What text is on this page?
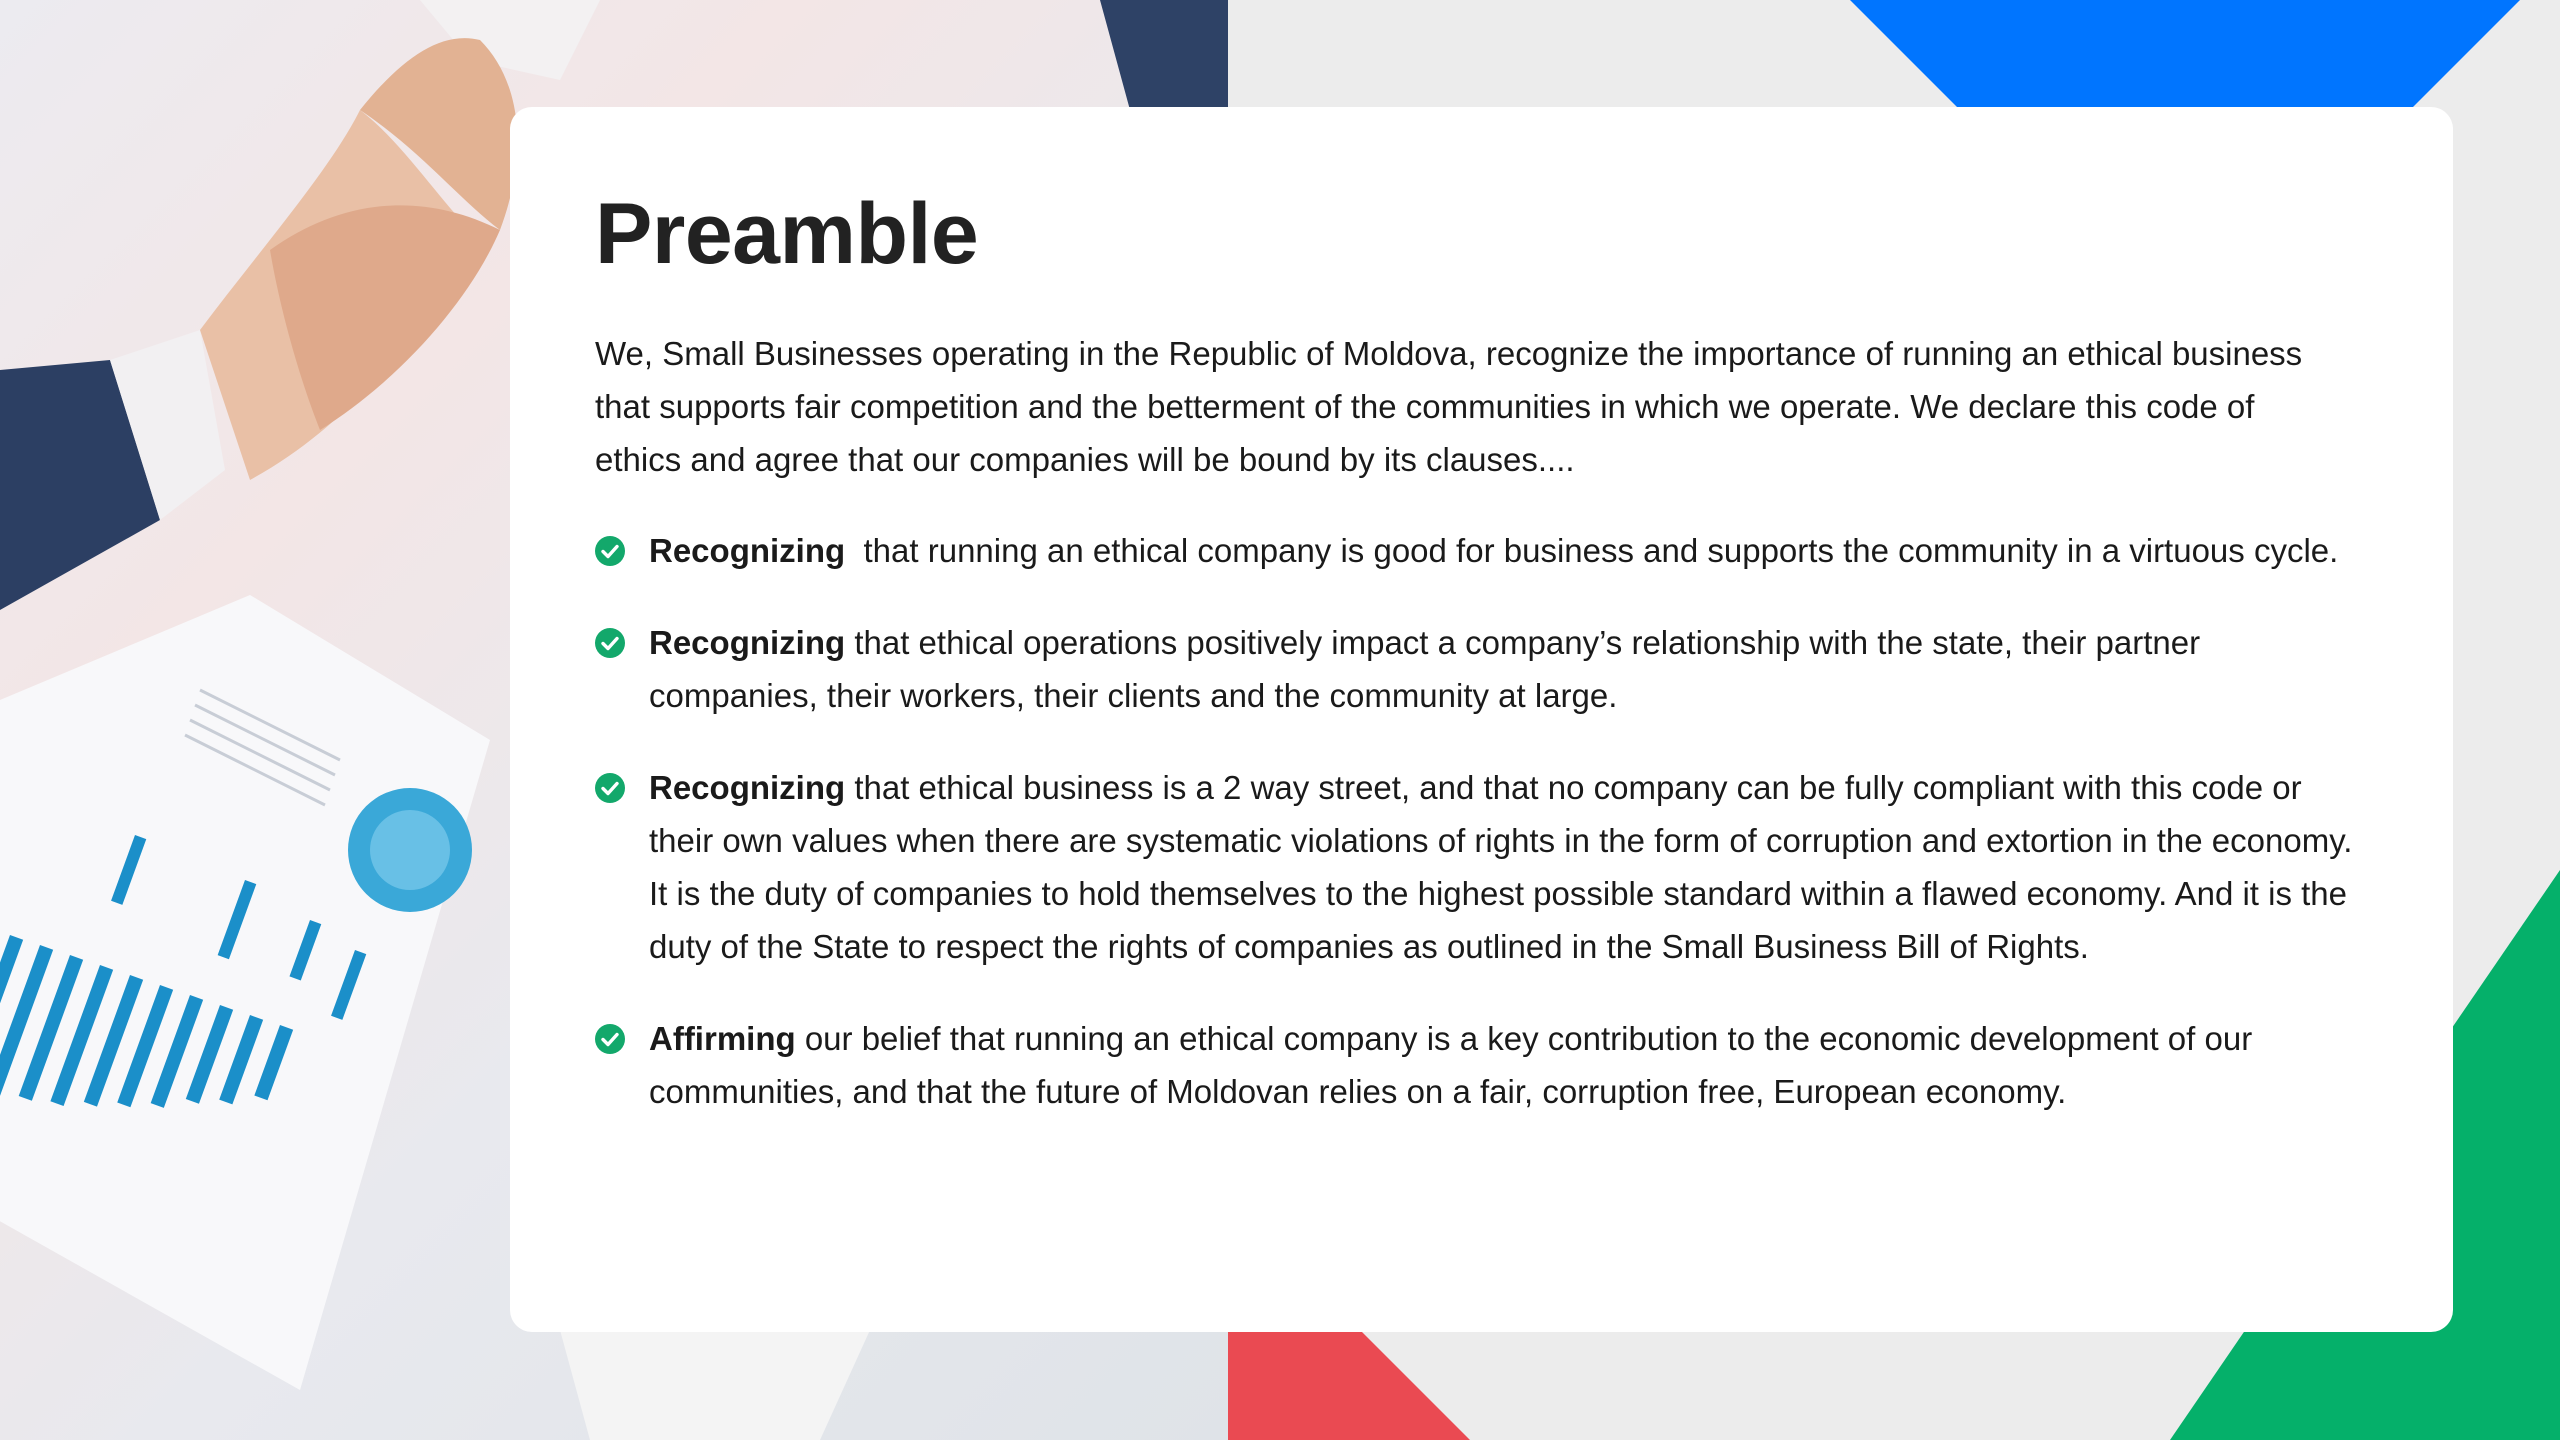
Preamble

We, Small Businesses operating in the Republic of Moldova, recognize the importance of running an ethical business that supports fair competition and the betterment of the communities in which we operate. We declare this code of ethics and agree that our companies will be bound by its clauses....

Recognizing  that running an ethical company is good for business and supports the community in a virtuous cycle.
Recognizing that ethical operations positively impact a company’s relationship with the state, their partner companies, their workers, their clients and the community at large.
Recognizing that ethical business is a 2 way street, and that no company can be fully compliant with this code or their own values when there are systematic violations of rights in the form of corruption and extortion in the economy. It is the duty of companies to hold themselves to the highest possible standard within a flawed economy. And it is the duty of the State to respect the rights of companies as outlined in the Small Business Bill of Rights.
Affirming our belief that running an ethical company is a key contribution to the economic development of our communities, and that the future of Moldovan relies on a fair, corruption free, European economy.
